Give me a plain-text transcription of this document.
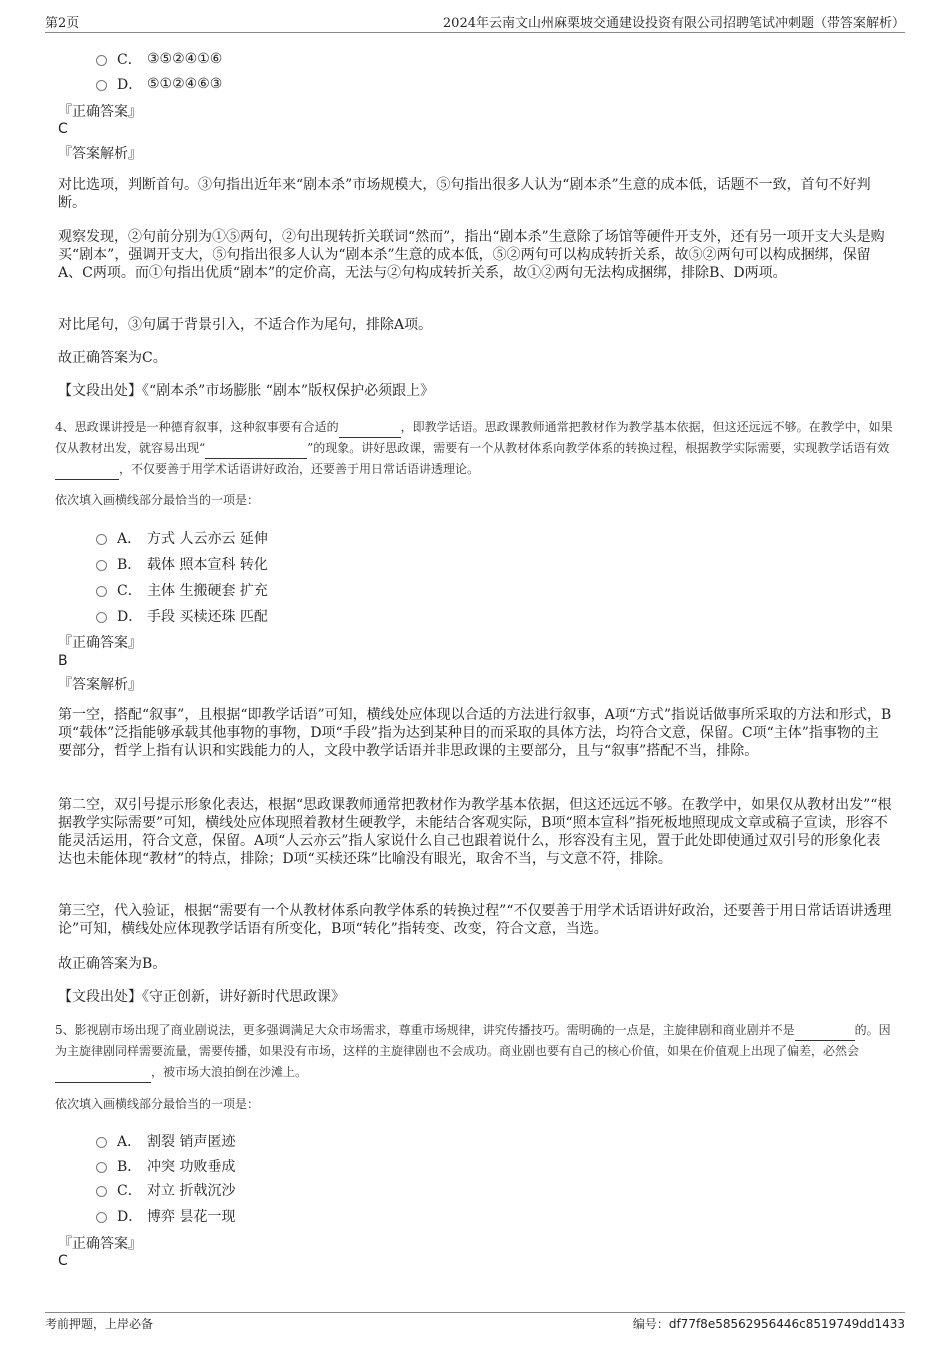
第2页	2024年云南文山州麻栗坡交通建设投资有限公司招聘笔试冲刺题（带答案解析）
C． ③⑤②④①⑥
D． ⑤①②④⑥③
『正确答案』
C
『答案解析』
对比选项，判断首句。③句指出近年来“剧本杀”市场规模大，⑤句指出很多人认为“剧本杀”生意的成本低，话题不一致，首句不好判断。
观察发现，②句前分别为①⑤两句，②句出现转折关联词“然而”，指出“剧本杀”生意除了场馆等硬件开支外，还有另一项开支大头是购买“剧本”，强调开支大，⑤句指出很多人认为“剧本杀”生意的成本低，⑤②两句可以构成转折关系，故⑤②两句可以构成捆绑，保留A、C两项。而①句指出优质“剧本”的定价高，无法与②句构成转折关系，故①②两句无法构成捆绑，排除B、D两项。
对比尾句，③句属于背景引入，不适合作为尾句，排除A项。
故正确答案为C。
【文段出处】《“剧本杀”市场膨胀 “剧本”版权保护必须跟上》
4、思政课讲授是一种德育叙事，这种叙事要有合适的	，即教学话语。思政课教师通常把教材作为教学基本依据，但这还远远不够。在教学中，如果仅从教材出发，就容易出现“	”的现象。讲好思政课，需要有一个从教材体系向教学体系的转换过程，根据教学实际需要，实现教学话语有效，不仅要善于用学术话语讲好政治，还要善于用日常话语讲透理论。
依次填入画横线部分最恰当的一项是：
A． 方式 人云亦云 延伸
B． 载体 照本宣科 转化
C． 主体 生搬硬套 扩充
D． 手段 买椟还珠 匹配
『正确答案』
B
『答案解析』
第一空，搭配“叙事”，且根据“即教学话语”可知，横线处应体现以合适的方法进行叙事，A项“方式”指说话做事所采取的方法和形式，B项“载体”泛指能够承载其他事物的事物，D项“手段”指为达到某种目的而采取的具体方法，均符合文意，保留。C项“主体”指事物的主要部分，哲学上指有认识和实践能力的人，文段中教学话语并非思政课的主要部分，且与“叙事”搭配不当，排除。
第二空，双引号提示形象化表达，根据“思政课教师通常把教材作为教学基本依据，但这还远远不够。在教学中，如果仅从教材出发”“根据教学实际需要”可知，横线处应体现照着教材生硬教学，未能结合客观实际，B项“照本宣科”指死板地照现成文章或稿子宣读，形容不能灵活运用，符合文意，保留。A项“人云亦云”指人家说什么自己也跟着说什么，形容没有主见，置于此处即使通过双引号的形象化表达也未能体现“教材”的特点，排除；D项“买椟还珠”比喻没有眼光，取舍不当，与文意不符，排除。
第三空，代入验证，根据“需要有一个从教材体系向教学体系的转换过程”“不仅要善于用学术话语讲好政治，还要善于用日常话语讲透理论”可知，横线处应体现教学话语有所变化，B项“转化”指转变、改变，符合文意，当选。
故正确答案为B。
【文段出处】《守正创新，讲好新时代思政课》
5、影视剧市场出现了商业剧说法，更多强调满足大众市场需求，尊重市场规律，讲究传播技巧。需明确的一点是，主旋律剧和商业剧并不是	的。因为主旋律剧同样需要流量，需要传播，如果没有市场，这样的主旋律剧也不会成功。商业剧也要有自己的核心价值，如果在价值观上出现了偏差，必然会，被市场大浪拍倒在沙滩上。
依次填入画横线部分最恰当的一项是：
A． 割裂 销声匿迹
B． 冲突 功败垂成
C． 对立 折戟沉沙
D． 博弈 昙花一现
『正确答案』
C
考前押题，上岸必备	编号：df77f8e58562956446c8519749dd1433
